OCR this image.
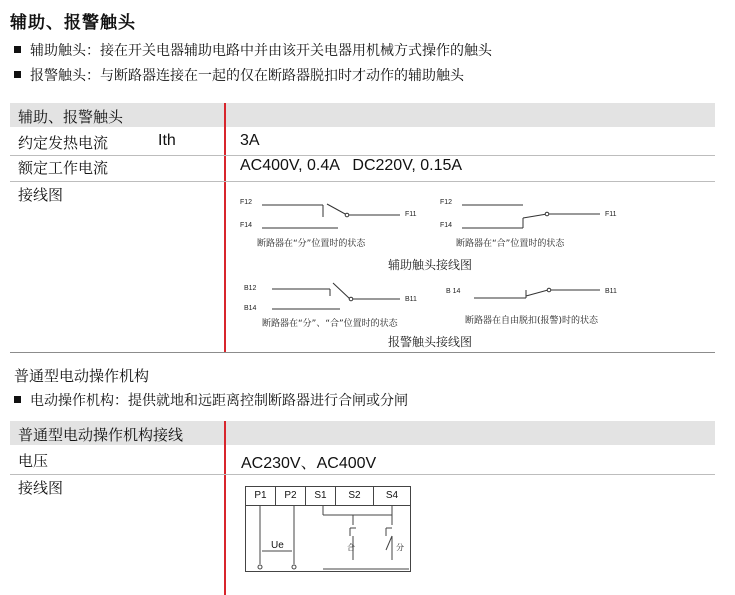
辅助、报警触头
辅助触头：接在开关电器辅助电路中并由该开关电器用机械方式操作的触头
报警触头：与断路器连接在一起的仅在断路器脱扣时才动作的辅助触头
辅助、报警触头
约定发热电流	Ith	3A
额定工作电流	AC400V, 0.4A   DC220V, 0.15A
接线图	F12
F14
F11
断路器在“分”位置时的状态
F12
F14
F11
断路器在“合”位置时的状态
辅助触头接线图
B12
B14
B11
断路器在“分”、“合”位置时的状态
B 14	B11
断路器在自由脱扣(报警)时的状态
报警触头接线图
普通型电动操作机构
电动操作机构：提供就地和远距离控制断路器进行合闸或分闸
普通型电动操作机构接线
电压	AC230V、AC400V
接线图	P1	P2	S1	S2	S4
Ue	合	分
